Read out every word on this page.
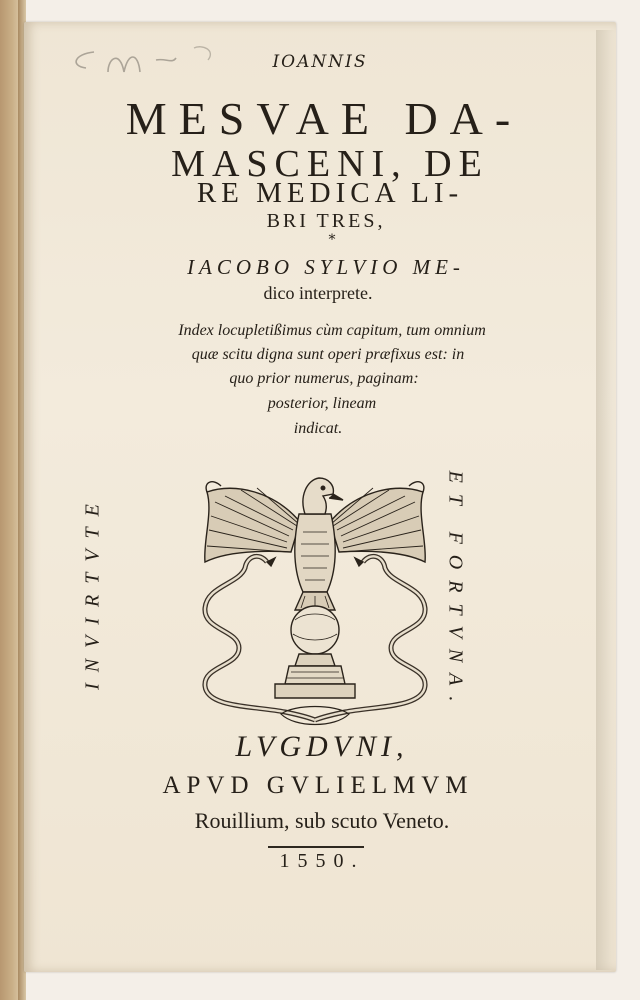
IOANNIS
MESVAE DA-
MASCENI, DE
RE MEDICA LI-
BRI TRES,
*
IACOBO SYLVIO ME-
dico interprete.
Index locupletißimus cùm capitum, tum omnium
quæ scitu digna sunt operi præfixus est: in
quo prior numerus, paginam:
posterior, lineam
indicat.
INVIRTVTE	ET FORTVNA.
LVGDVNI,
APVD GVLIELMVM
Rouillium, sub scuto Veneto.
1550.
